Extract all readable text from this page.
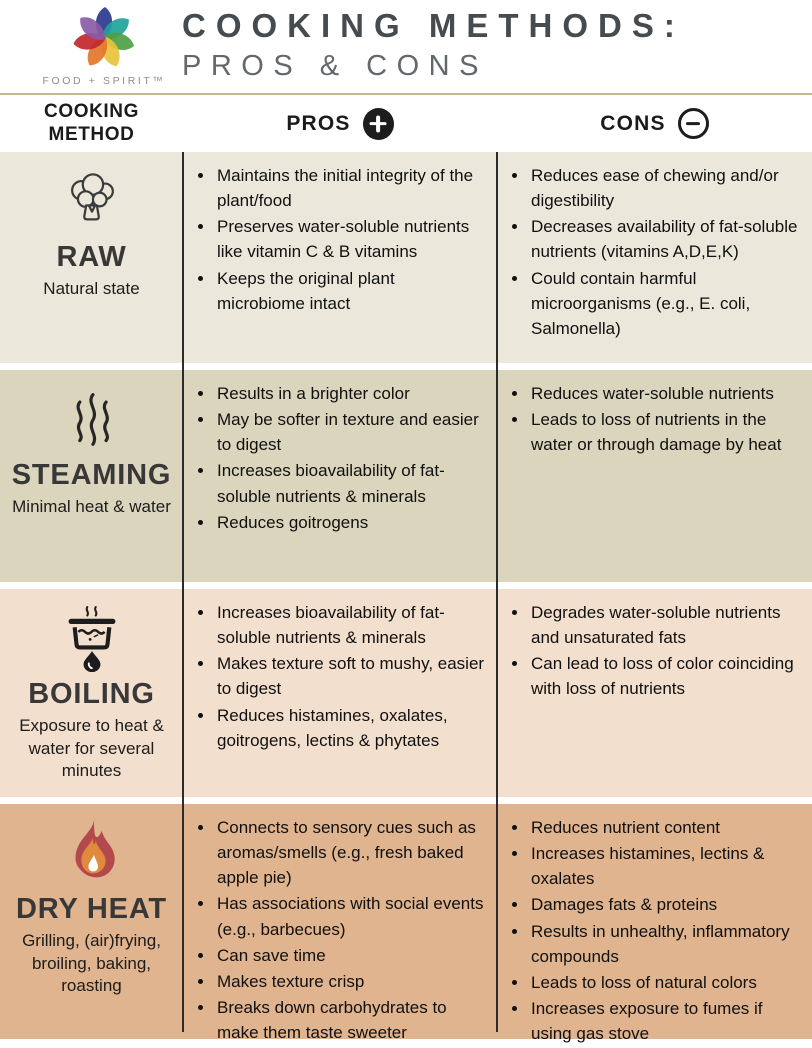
FOOD + SPIRIT™
COOKING METHODS:
PROS & CONS
COOKING
METHOD	PROS	CONS
RAW
Natural state
• Maintains the initial integrity of the plant/food
• Preserves water-soluble nutrients like vitamin C & B vitamins
• Keeps the original plant microbiome intact
• Reduces ease of chewing and/or digestibility
• Decreases availability of fat-soluble nutrients (vitamins A,D,E,K)
• Could contain harmful microorganisms (e.g., E. coli, Salmonella)
STEAMING
Minimal heat & water
• Results in a brighter color
• May be softer in texture and easier to digest
• Increases bioavailability of fat-soluble nutrients & minerals
• Reduces goitrogens
• Reduces water-soluble nutrients
• Leads to loss of nutrients in the water or through damage by heat
BOILING
Exposure to heat & water for several minutes
• Increases bioavailability of fat-soluble nutrients & minerals
• Makes texture soft to mushy, easier to digest
• Reduces histamines, oxalates, goitrogens, lectins & phytates
• Degrades water-soluble nutrients and unsaturated fats
• Can lead to loss of color coinciding with loss of nutrients
DRY HEAT
Grilling, (air)frying, broiling, baking, roasting
• Connects to sensory cues such as aromas/smells (e.g., fresh baked apple pie)
• Has associations with social events (e.g., barbecues)
• Can save time
• Makes texture crisp
• Breaks down carbohydrates to make them taste sweeter
• Reduces nutrient content
• Increases histamines, lectins & oxalates
• Damages fats & proteins
• Results in unhealthy, inflammatory compounds
• Leads to loss of natural colors
• Increases exposure to fumes if using gas stove
